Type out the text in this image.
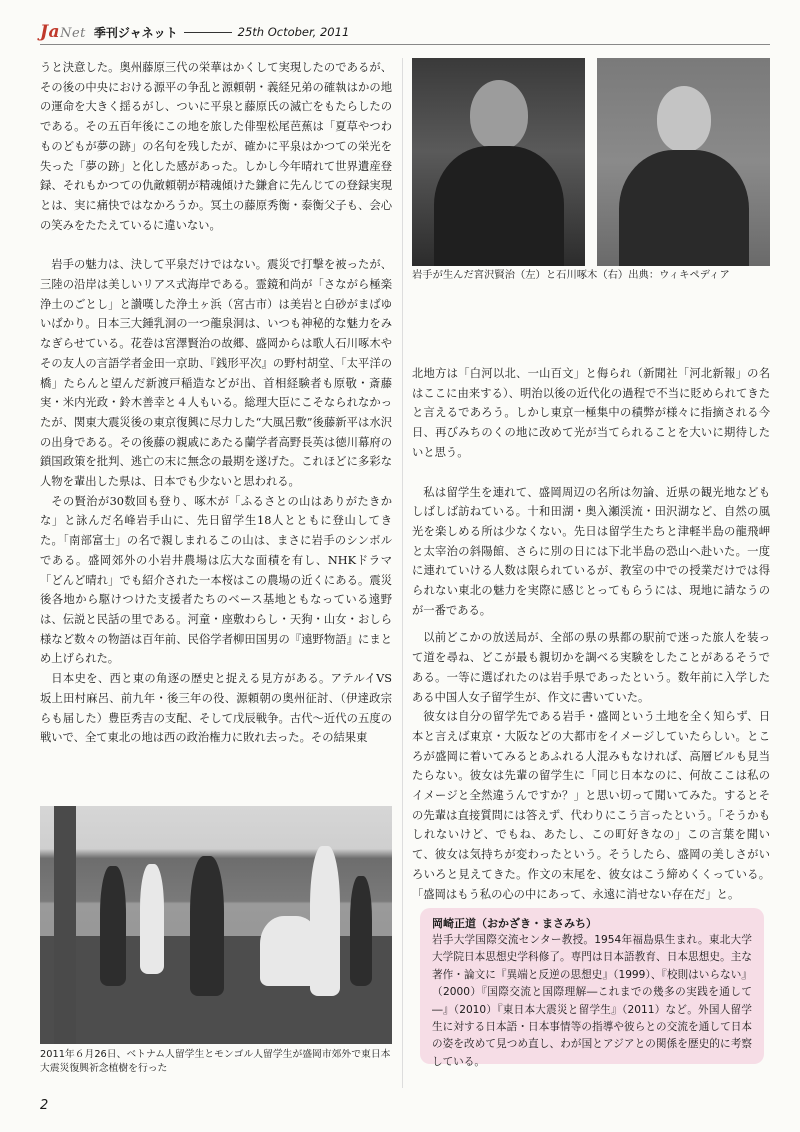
JaNet 季刊ジャネット	25th October, 2011

うと決意した。奥州藤原三代の栄華はかくして実現したのであるが、その後の中央における源平の争乱と源頼朝・義経兄弟の確執はかの地の運命を大きく揺るがし、ついに平泉と藤原氏の滅亡をもたらしたのである。その五百年後にこの地を旅した俳聖松尾芭蕉は「夏草やつわものどもが夢の跡」の名句を残したが、確かに平泉はかつての栄光を失った「夢の跡」と化した感があった。しかし今年晴れて世界遺産登録、それもかつての仇敵頼朝が精魂傾けた鎌倉に先んじての登録実現とは、実に痛快ではなかろうか。冥土の藤原秀衡・泰衡父子も、会心の笑みをたたえているに違いない。

岩手の魅力は、決して平泉だけではない。震災で打撃を被ったが、三陸の沿岸は美しいリアス式海岸である。霊鏡和尚が「さながら極楽浄土のごとし」と讃嘆した浄土ヶ浜（宮古市）は美岩と白砂がまばゆいばかり。日本三大鍾乳洞の一つ龍泉洞は、いつも神秘的な魅力をみなぎらせている。花巻は宮澤賢治の故郷、盛岡からは歌人石川啄木やその友人の言語学者金田一京助、『銭形平次』の野村胡堂、「太平洋の橋」たらんと望んだ新渡戸稲造などが出、首相経験者も原敬・斎藤実・米内光政・鈴木善幸と４人もいる。総理大臣にこそなられなかったが、関東大震災後の東京復興に尽力した“大風呂敷”後藤新平は水沢の出身である。その後藤の親戚にあたる蘭学者高野長英は徳川幕府の鎖国政策を批判、逃亡の末に無念の最期を遂げた。これほどに多彩な人物を輩出した県は、日本でも少ないと思われる。

その賢治が30数回も登り、啄木が「ふるさとの山はありがたきかな」と詠んだ名峰岩手山に、先日留学生18人とともに登山してきた。「南部富士」の名で親しまれるこの山は、まさに岩手のシンボルである。盛岡郊外の小岩井農場は広大な面積を有し、NHKドラマ「どんど晴れ」でも紹介された一本桜はこの農場の近くにある。震災後各地から駆けつけた支援者たちのベース基地ともなっている遠野は、伝説と民話の里である。河童・座敷わらし・天狗・山女・おしら様など数々の物語は百年前、民俗学者柳田国男の『遠野物語』にまとめ上げられた。

日本史を、西と東の角逐の歴史と捉える見方がある。アテルイVS坂上田村麻呂、前九年・後三年の役、源頼朝の奥州征討、（伊達政宗らも届した）豊臣秀吉の支配、そして戊辰戦争。古代〜近代の五度の戦いで、全て東北の地は西の政治権力に敗れ去った。その結果東

岩手が生んだ宮沢賢治（左）と石川啄木（右）出典：ウィキペディア

北地方は「白河以北、一山百文」と侮られ（新聞社「河北新報」の名はここに由来する）、明治以後の近代化の過程で不当に貶められてきたと言えるであろう。しかし東京一極集中の積弊が様々に指摘される今日、再びみちのくの地に改めて光が当てられることを大いに期待したいと思う。

私は留学生を連れて、盛岡周辺の名所は勿論、近県の観光地などもしばしば訪ねている。十和田湖・奥入瀬渓流・田沢湖など、自然の風光を楽しめる所は少なくない。先日は留学生たちと津軽半島の龍飛岬と太宰治の斜陽館、さらに別の日には下北半島の恐山へ赴いた。一度に連れていける人数は限られているが、教室の中での授業だけでは得られない東北の魅力を実際に感じとってもらうには、現地に請なうのが一番である。

以前どこかの放送局が、全部の県の県都の駅前で迷った旅人を装って道を尋ね、どこが最も親切かを調べる実験をしたことがあるそうである。一等に選ばれたのは岩手県であったという。数年前に入学したある中国人女子留学生が、作文に書いていた。

彼女は自分の留学先である岩手・盛岡という土地を全く知らず、日本と言えば東京・大阪などの大都市をイメージしていたらしい。ところが盛岡に着いてみるとあふれる人混みもなければ、高層ビルも見当たらない。彼女は先輩の留学生に「同じ日本なのに、何故ここは私のイメージと全然違うんですか？」と思い切って聞いてみた。するとその先輩は直接質問には答えず、代わりにこう言ったという。「そうかもしれないけど、でもね、あたし、この町好きなの」この言葉を聞いて、彼女は気持ちが変わったという。そうしたら、盛岡の美しさがいろいろと見えてきた。作文の末尾を、彼女はこう締めくくっている。「盛岡はもう私の心の中にあって、永遠に消せない存在だ」と。

2011年６月26日、ベトナム人留学生とモンゴル人留学生が盛岡市郊外で東日本大震災復興祈念植樹を行った
岡崎正道（おかざき・まさみち）
岩手大学国際交流センター教授。1954年福島県生まれ。東北大学大学院日本思想史学科修了。専門は日本語教育、日本思想史。主な著作・論文に『異端と反逆の思想史』（1999）、『校則はいらない』（2000）『国際交流と国際理解―これまでの幾多の実践を通して―』（2010）『東日本大震災と留学生』（2011）など。外国人留学生に対する日本語・日本事情等の指導や彼らとの交流を通して日本の姿を改めて見つめ直し、わが国とアジアとの関係を歴史的に考察している。
2
